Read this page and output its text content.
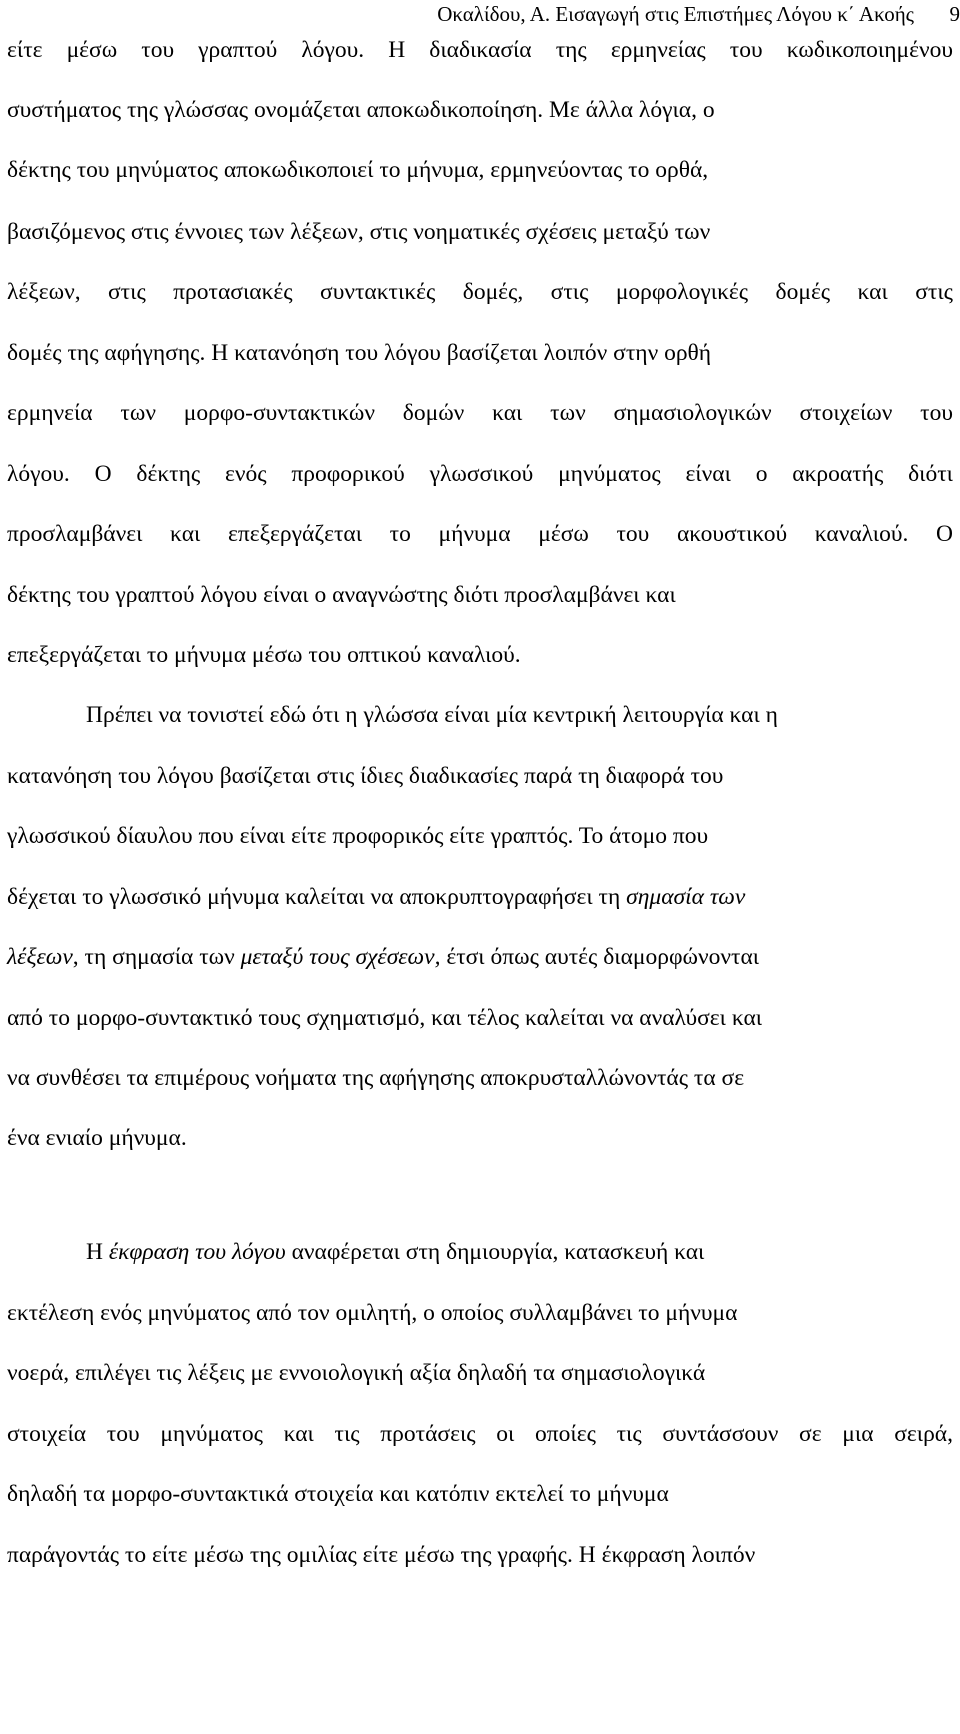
Οκαλίδου, Α. Εισαγωγή στις Επιστήμες Λόγου κ΄ Ακοής 9
είτε μέσω του γραπτού λόγου. Η διαδικασία της ερμηνείας του κωδικοποιημένου
συστήματος της γλώσσας ονομάζεται αποκωδικοποίηση. Με άλλα λόγια, ο
δέκτης του μηνύματος αποκωδικοποιεί το μήνυμα, ερμηνεύοντας το ορθά,
βασιζόμενος στις έννοιες των λέξεων, στις νοηματικές σχέσεις μεταξύ των
λέξεων, στις προτασιακές συντακτικές δομές, στις μορφολογικές δομές και στις
δομές της αφήγησης. Η κατανόηση του λόγου βασίζεται λοιπόν στην ορθή
ερμηνεία των μορφο-συντακτικών δομών και των σημασιολογικών στοιχείων του
λόγου. Ο δέκτης ενός προφορικού γλωσσικού μηνύματος είναι ο ακροατής διότι
προσλαμβάνει και επεξεργάζεται το μήνυμα μέσω του ακουστικού καναλιού. Ο
δέκτης του γραπτού λόγου είναι ο αναγνώστης διότι προσλαμβάνει και
επεξεργάζεται το μήνυμα μέσω του οπτικού καναλιού.
Πρέπει να τονιστεί εδώ ότι η γλώσσα είναι μία κεντρική λειτουργία και η
κατανόηση του λόγου βασίζεται στις ίδιες διαδικασίες παρά τη διαφορά του
γλωσσικού δίαυλου που είναι είτε προφορικός είτε γραπτός. Το άτομο που
δέχεται το γλωσσικό μήνυμα καλείται να αποκρυπτογραφήσει τη σημασία των
λέξεων, τη σημασία των μεταξύ τους σχέσεων, έτσι όπως αυτές διαμορφώνονται
από το μορφο-συντακτικό τους σχηματισμό, και τέλος καλείται να αναλύσει και
να συνθέσει τα επιμέρους νοήματα της αφήγησης αποκρυσταλλώνοντάς τα σε
ένα ενιαίο μήνυμα.
Η έκφραση του λόγου αναφέρεται στη δημιουργία, κατασκευή και
εκτέλεση ενός μηνύματος από τον ομιλητή, ο οποίος συλλαμβάνει το μήνυμα
νοερά, επιλέγει τις λέξεις με εννοιολογική αξία δηλαδή τα σημασιολογικά
στοιχεία του μηνύματος και τις προτάσεις οι οποίες τις συντάσσουν σε μια σειρά,
δηλαδή τα μορφο-συντακτικά στοιχεία και κατόπιν εκτελεί το μήνυμα
παράγοντάς το είτε μέσω της ομιλίας είτε μέσω της γραφής. Η έκφραση λοιπόν
